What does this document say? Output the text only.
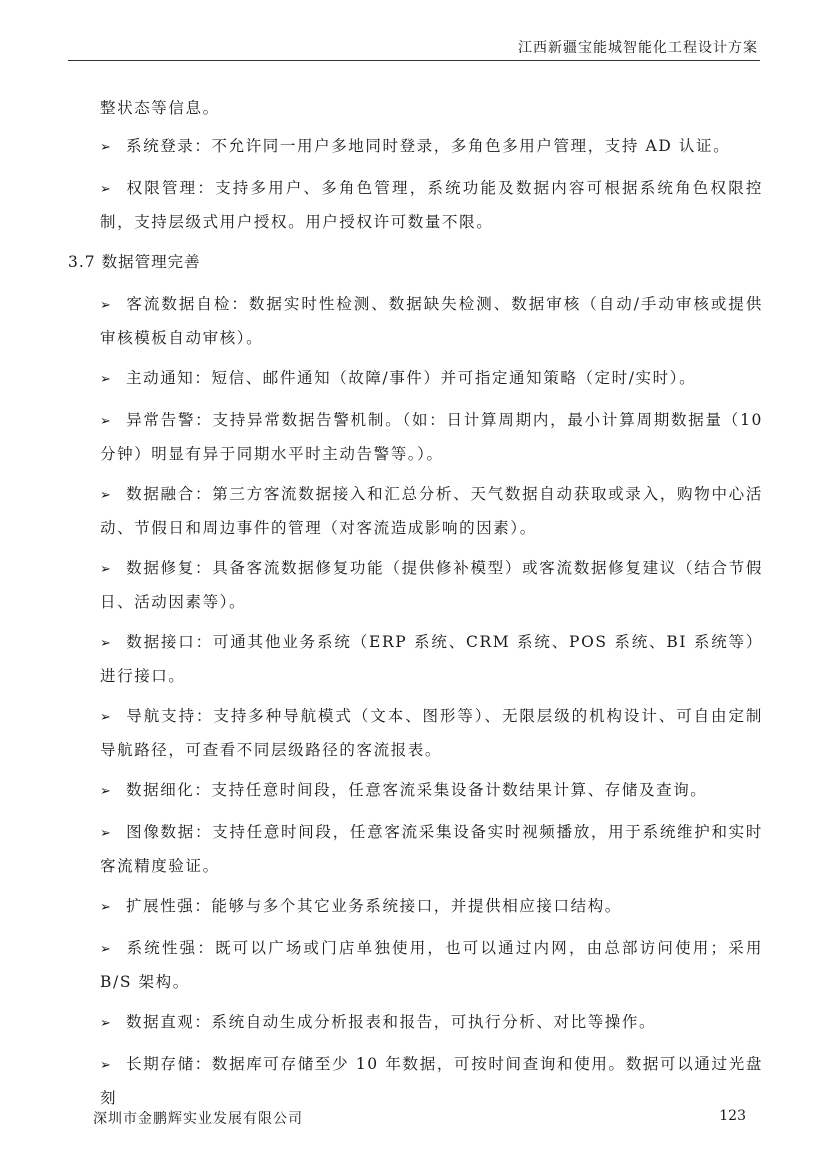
江西新疆宝能城智能化工程设计方案
整状态等信息。
➢ 系统登录：不允许同一用户多地同时登录，多角色多用户管理，支持 AD 认证。
➢ 权限管理：支持多用户、多角色管理，系统功能及数据内容可根据系统角色权限控制，支持层级式用户授权。用户授权许可数量不限。
3.7 数据管理完善
➢ 客流数据自检：数据实时性检测、数据缺失检测、数据审核（自动/手动审核或提供审核模板自动审核）。
➢ 主动通知：短信、邮件通知（故障/事件）并可指定通知策略（定时/实时）。
➢ 异常告警：支持异常数据告警机制。（如：日计算周期内，最小计算周期数据量（10 分钟）明显有异于同期水平时主动告警等。）。
➢ 数据融合：第三方客流数据接入和汇总分析、天气数据自动获取或录入，购物中心活动、节假日和周边事件的管理（对客流造成影响的因素）。
➢ 数据修复：具备客流数据修复功能（提供修补模型）或客流数据修复建议（结合节假日、活动因素等）。
➢ 数据接口：可通其他业务系统（ERP 系统、CRM 系统、POS 系统、BI 系统等）进行接口。
➢ 导航支持：支持多种导航模式（文本、图形等）、无限层级的机构设计、可自由定制导航路径，可查看不同层级路径的客流报表。
➢ 数据细化：支持任意时间段，任意客流采集设备计数结果计算、存储及查询。
➢ 图像数据：支持任意时间段，任意客流采集设备实时视频播放，用于系统维护和实时客流精度验证。
➢ 扩展性强：能够与多个其它业务系统接口，并提供相应接口结构。
➢ 系统性强：既可以广场或门店单独使用，也可以通过内网，由总部访问使用；采用 B/S 架构。
➢ 数据直观：系统自动生成分析报表和报告，可执行分析、对比等操作。
➢ 长期存储：数据库可存储至少 10 年数据，可按时间查询和使用。数据可以通过光盘刻
深圳市金鹏辉实业发展有限公司	123
